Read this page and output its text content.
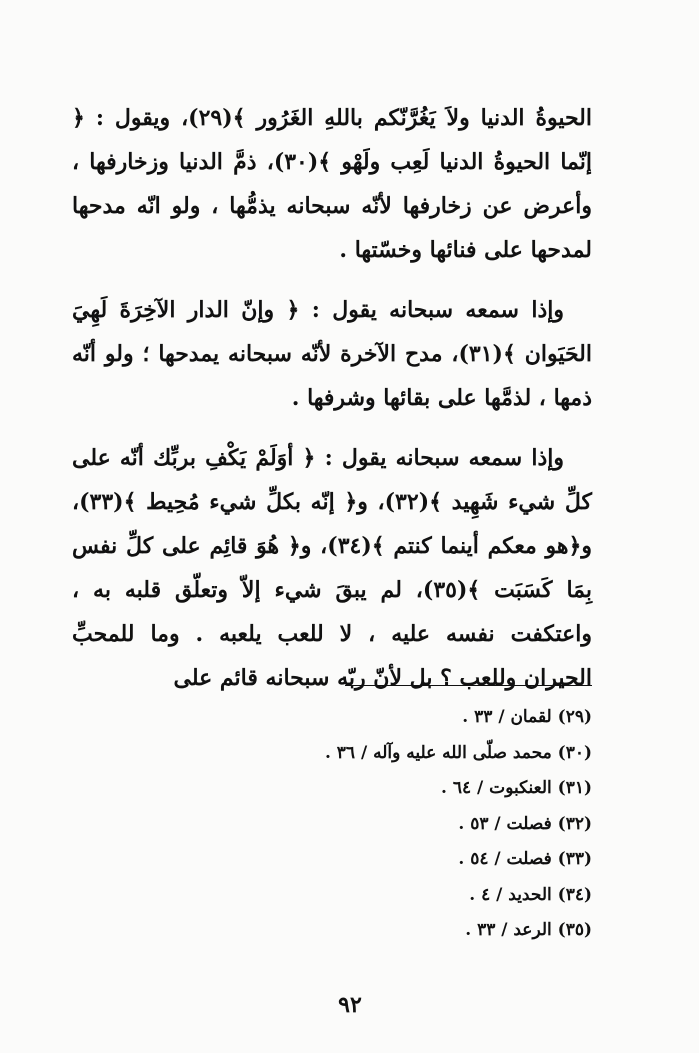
الحيوةُ الدنيا ولاَ يَغُرَّنّكم باللهِ الغَرُور ﴾(٢٩)، ويقول : ﴿ إنّما الحيوةُ الدنيا لَعِب ولَهْو ﴾(٣٠)، ذمَّ الدنيا وزخارفها ، وأعرض عن زخارفها لأنّه سبحانه يذمُّها ، ولو انّه مدحها لمدحها على فنائها وخسّتها .

وإذا سمعه سبحانه يقول : ﴿ وإنّ الدار الآخِرَةَ لَهِيَ الحَيَوان ﴾(٣١)، مدح الآخرة لأنّه سبحانه يمدحها ؛ ولو أنّه ذمها ، لذمَّها على بقائها وشرفها .

وإذا سمعه سبحانه يقول : ﴿ أوَلَمْ يَكْفِ بربِّك أنّه على كلِّ شيء شَهِيد ﴾(٣٢)، و﴿ إنّه بكلِّ شيء مُحِيط ﴾(٣٣)، و﴿هو معكم أينما كنتم ﴾(٣٤)، و﴿ هُوَ قائِم على كلِّ نفس بِمَا كَسَبَت ﴾(٣٥)، لم يبقَ شيء إلاّ وتعلّق قلبه به ، واعتكفت نفسه عليه ، لا للعب يلعبه . وما للمحبِّ الحيران وللعب ؟ بل لأنّ ربّه سبحانه قائم على

(٢٩) لقمان / ٣٣ .
(٣٠) محمد صلّى الله عليه وآله / ٣٦ .
(٣١) العنكبوت / ٦٤ .
(٣٢) فصلت / ٥٣ .
(٣٣) فصلت / ٥٤ .
(٣٤) الحديد / ٤ .
(٣٥) الرعد / ٣٣ .
٩٢
